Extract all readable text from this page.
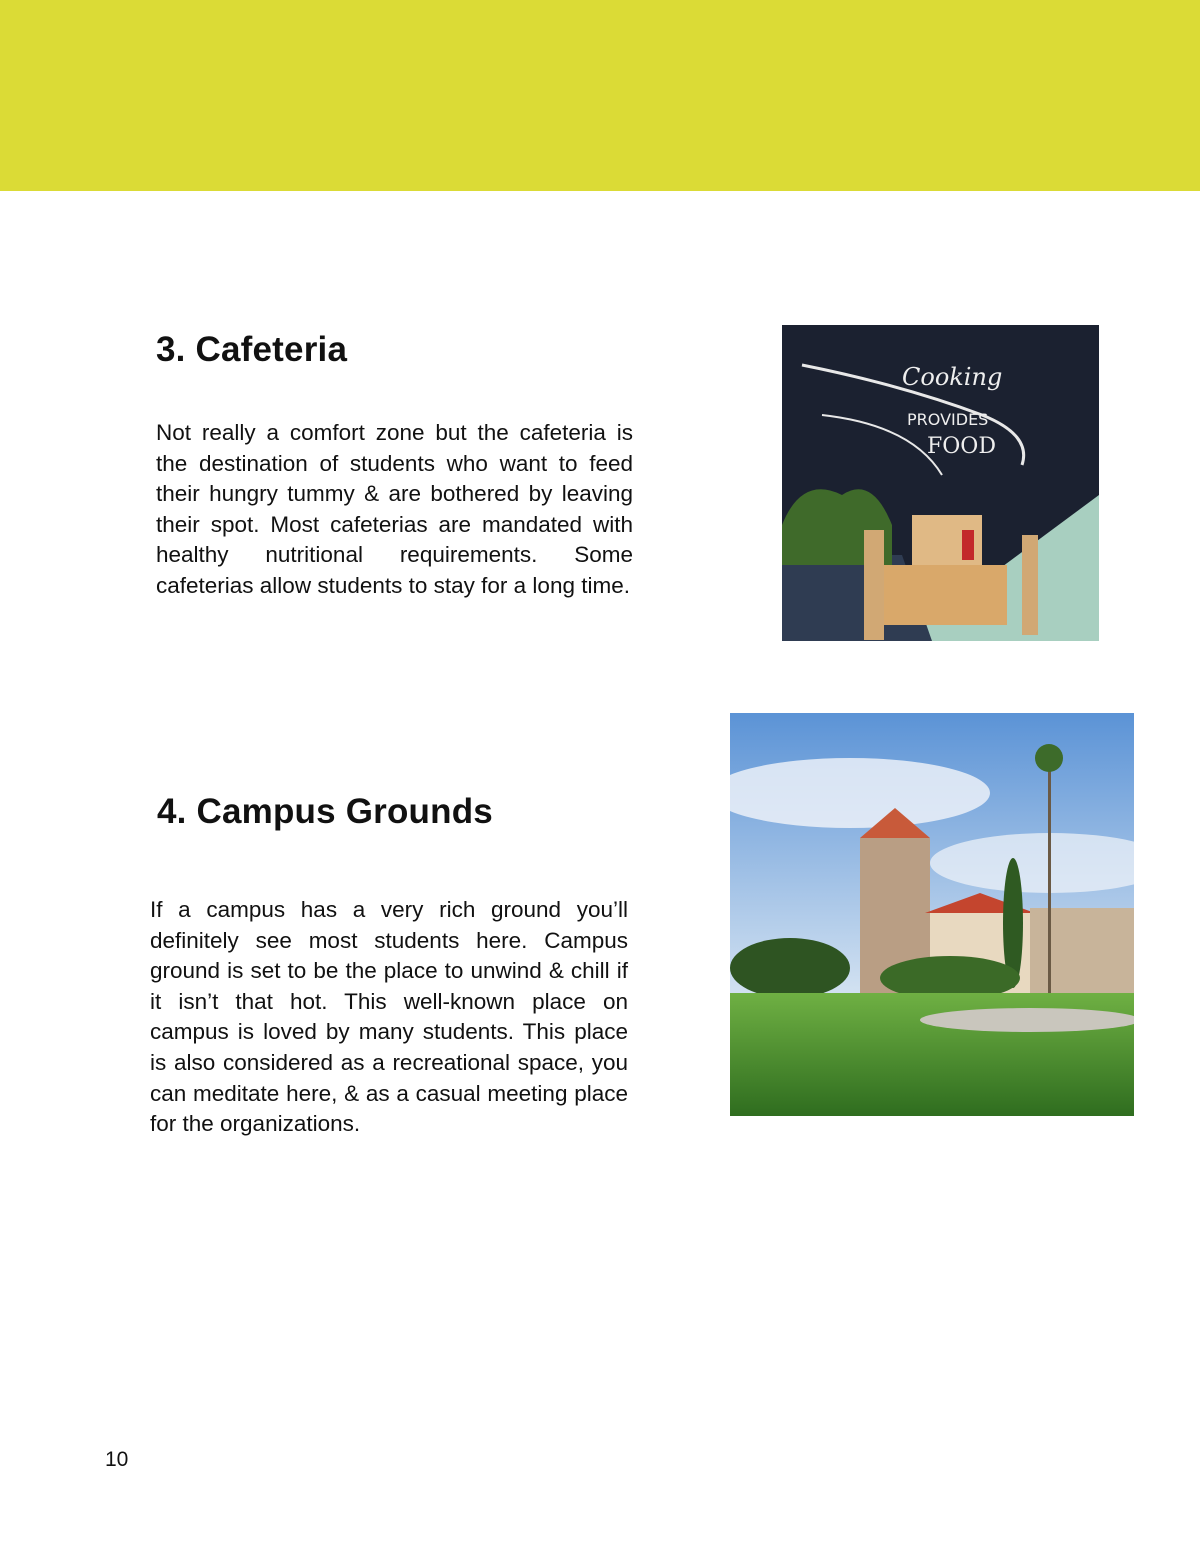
3. Cafeteria

Not really a comfort zone but the cafeteria is the destination of students who want to feed their hungry tummy & are bothered by leaving their spot. Most cafeterias are mandated with healthy nutritional requirements. Some cafeterias allow students to stay for a long time.

Cooking
PROVIDES
FOOD
4. Campus Grounds

If a campus has a very rich ground you’ll definitely see most students here. Campus ground is set to be the place to unwind & chill if it isn’t that hot. This well-known place on campus is loved by many students. This place is also considered as a recreational space, you can meditate here, & as a casual meeting place for the organizations.

10
